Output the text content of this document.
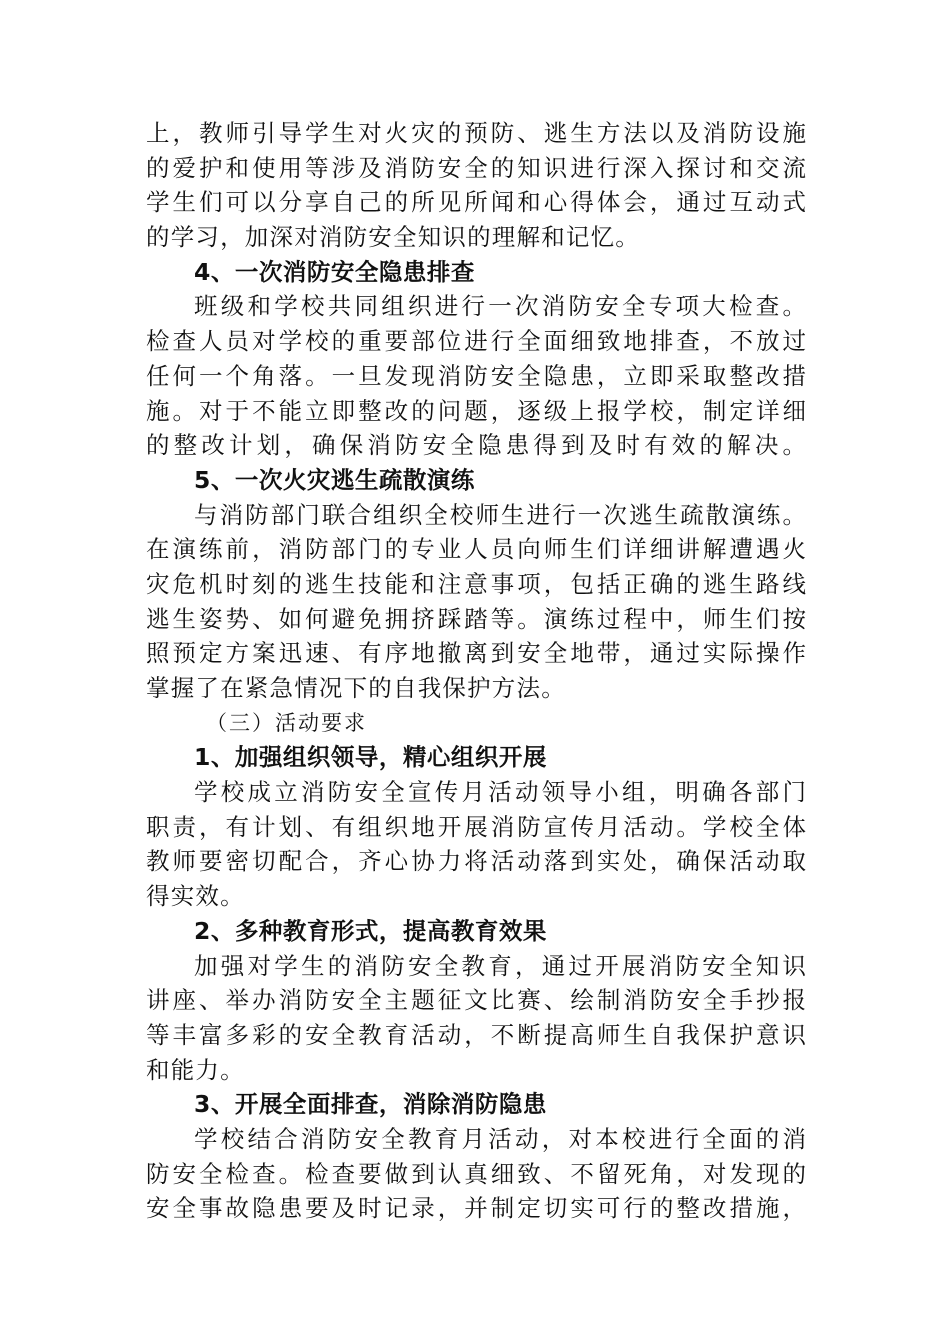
上，教师引导学生对火灾的预防、逃生方法以及消防设施
的爱护和使用等涉及消防安全的知识进行深入探讨和交流
学生们可以分享自己的所见所闻和心得体会，通过互动式
的学习，加深对消防安全知识的理解和记忆。
4、一次消防安全隐患排查
班级和学校共同组织进行一次消防安全专项大检查。
检查人员对学校的重要部位进行全面细致地排查，不放过
任何一个角落。一旦发现消防安全隐患，立即采取整改措
施。对于不能立即整改的问题，逐级上报学校，制定详细
的整改计划，确保消防安全隐患得到及时有效的解决。
5、一次火灾逃生疏散演练
与消防部门联合组织全校师生进行一次逃生疏散演练。
在演练前，消防部门的专业人员向师生们详细讲解遭遇火
灾危机时刻的逃生技能和注意事项，包括正确的逃生路线
逃生姿势、如何避免拥挤踩踏等。演练过程中，师生们按
照预定方案迅速、有序地撤离到安全地带，通过实际操作
掌握了在紧急情况下的自我保护方法。
（三）活动要求
1、加强组织领导，精心组织开展
学校成立消防安全宣传月活动领导小组，明确各部门
职责，有计划、有组织地开展消防宣传月活动。学校全体
教师要密切配合，齐心协力将活动落到实处，确保活动取
得实效。
2、多种教育形式，提高教育效果
加强对学生的消防安全教育，通过开展消防安全知识
讲座、举办消防安全主题征文比赛、绘制消防安全手抄报
等丰富多彩的安全教育活动，不断提高师生自我保护意识
和能力。
3、开展全面排查，消除消防隐患
学校结合消防安全教育月活动，对本校进行全面的消
防安全检查。检查要做到认真细致、不留死角，对发现的
安全事故隐患要及时记录，并制定切实可行的整改措施，
